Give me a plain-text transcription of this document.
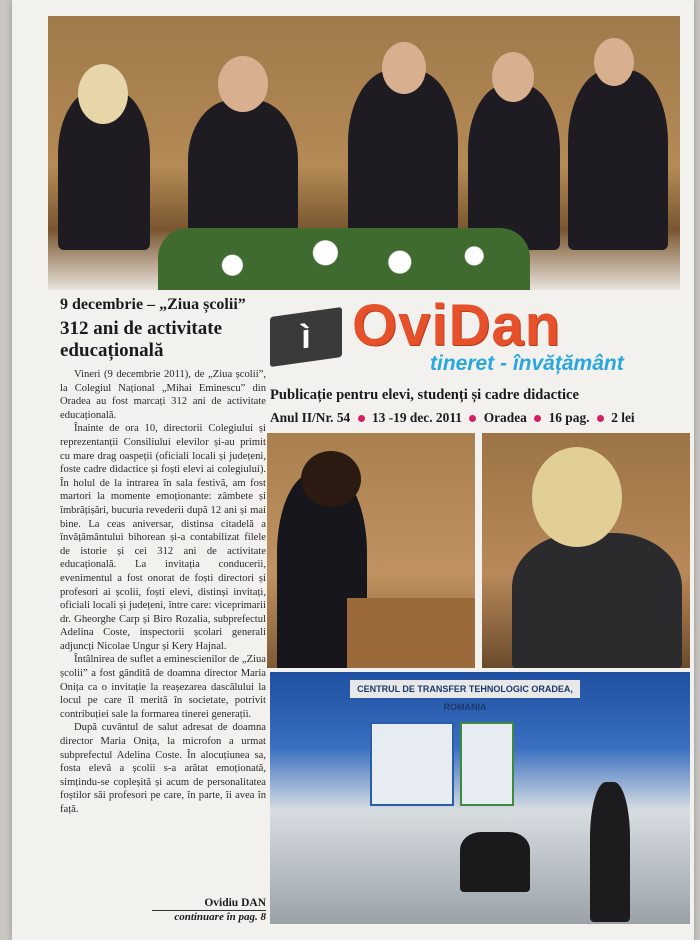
9 decembrie – „Ziua școlii”
312 ani de activitate educațională	ì OviDan
tineret - învățământ
Publicație pentru elevi, studenți și cadre didactice
Anul II/Nr. 54 13 -19 dec. 2011 Oradea 16 pag. 2 lei

Vineri (9 decembrie 2011), de „Ziua școlii”, la Colegiul Național „Mihai Eminescu” din Oradea au fost marcați 312 ani de activitate educațională.

Înainte de ora 10, directorii Colegiului și reprezentanții Consiliului elevilor și-au primit cu mare drag oaspeții (oficiali locali și județeni, foste cadre didactice și foști elevi ai colegiului). În holul de la intrarea în sala festivă, am fost martori la momente emoționante: zâmbete și îmbrățișări, bucuria revederii după 12 ani și mai bine. La ceas aniversar, distinsa citadelă a învățământului bihorean și-a contabilizat filele de istorie și cei 312 ani de activitate educațională. La invitația conducerii, evenimentul a fost onorat de foști directori și profesori ai școlii, foști elevi, distinși invitați, oficiali locali și județeni, între care: viceprimarii dr. Gheorghe Carp și Biro Rozalia, subprefectul Adelina Coste, inspectorii școlari generali adjuncți Nicolae Ungur și Kery Hajnal.

Întâlnirea de suflet a eminescienilor de „Ziua școlii” a fost gândită de doamna director Maria Onița ca o invitație la reașezarea dascălului la locul pe care îl merită în societate, potrivit contribuției sale la formarea tinerei generații.

După cuvântul de salut adresat de doamna director Maria Onița, la microfon a urmat subprefectul Adelina Coste. În alocuțiunea sa, fosta elevă a școlii s-a arătat emoționată, simțindu-se copleșită și acum de personalitatea foștilor săi profesori pe care, în parte, îi avea în față.

Ovidiu DAN
continuare în pag. 8
CENTRUL DE TRANSFER TEHNOLOGIC ORADEA, ROMANIA
